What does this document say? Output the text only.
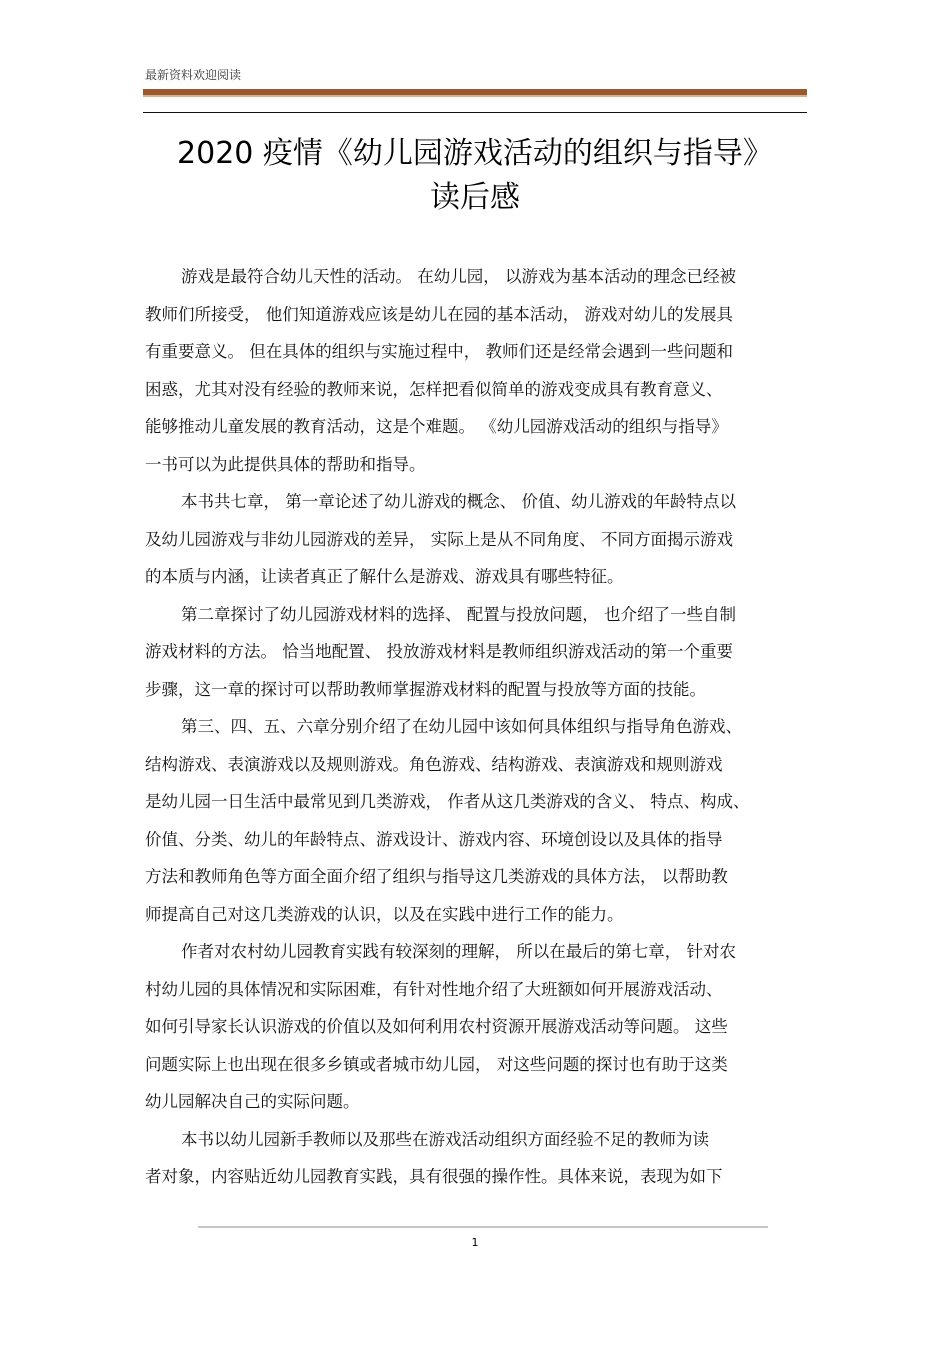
最新资料欢迎阅读
2020 疫情《幼儿园游戏活动的组织与指导》
读后感
游戏是最符合幼儿天性的活动。 在幼儿园， 以游戏为基本活动的理念已经被
教师们所接受， 他们知道游戏应该是幼儿在园的基本活动， 游戏对幼儿的发展具
有重要意义。 但在具体的组织与实施过程中， 教师们还是经常会遇到一些问题和
困惑，尤其对没有经验的教师来说，怎样把看似简单的游戏变成具有教育意义、
能够推动儿童发展的教育活动，这是个难题。 《幼儿园游戏活动的组织与指导》
一书可以为此提供具体的帮助和指导。
本书共七章， 第一章论述了幼儿游戏的概念、 价值、幼儿游戏的年龄特点以
及幼儿园游戏与非幼儿园游戏的差异， 实际上是从不同角度、 不同方面揭示游戏
的本质与内涵，让读者真正了解什么是游戏、游戏具有哪些特征。
第二章探讨了幼儿园游戏材料的选择、 配置与投放问题， 也介绍了一些自制
游戏材料的方法。 恰当地配置、 投放游戏材料是教师组织游戏活动的第一个重要
步骤，这一章的探讨可以帮助教师掌握游戏材料的配置与投放等方面的技能。
第三、四、五、六章分别介绍了在幼儿园中该如何具体组织与指导角色游戏、
结构游戏、表演游戏以及规则游戏。角色游戏、结构游戏、表演游戏和规则游戏
是幼儿园一日生活中最常见到几类游戏， 作者从这几类游戏的含义、 特点、构成、
价值、分类、幼儿的年龄特点、游戏设计、游戏内容、环境创设以及具体的指导
方法和教师角色等方面全面介绍了组织与指导这几类游戏的具体方法， 以帮助教
师提高自己对这几类游戏的认识，以及在实践中进行工作的能力。
作者对农村幼儿园教育实践有较深刻的理解， 所以在最后的第七章， 针对农
村幼儿园的具体情况和实际困难，有针对性地介绍了大班额如何开展游戏活动、
如何引导家长认识游戏的价值以及如何利用农村资源开展游戏活动等问题。 这些
问题实际上也出现在很多乡镇或者城市幼儿园， 对这些问题的探讨也有助于这类
幼儿园解决自己的实际问题。
本书以幼儿园新手教师以及那些在游戏活动组织方面经验不足的教师为读
者对象，内容贴近幼儿园教育实践，具有很强的操作性。具体来说，表现为如下
1
